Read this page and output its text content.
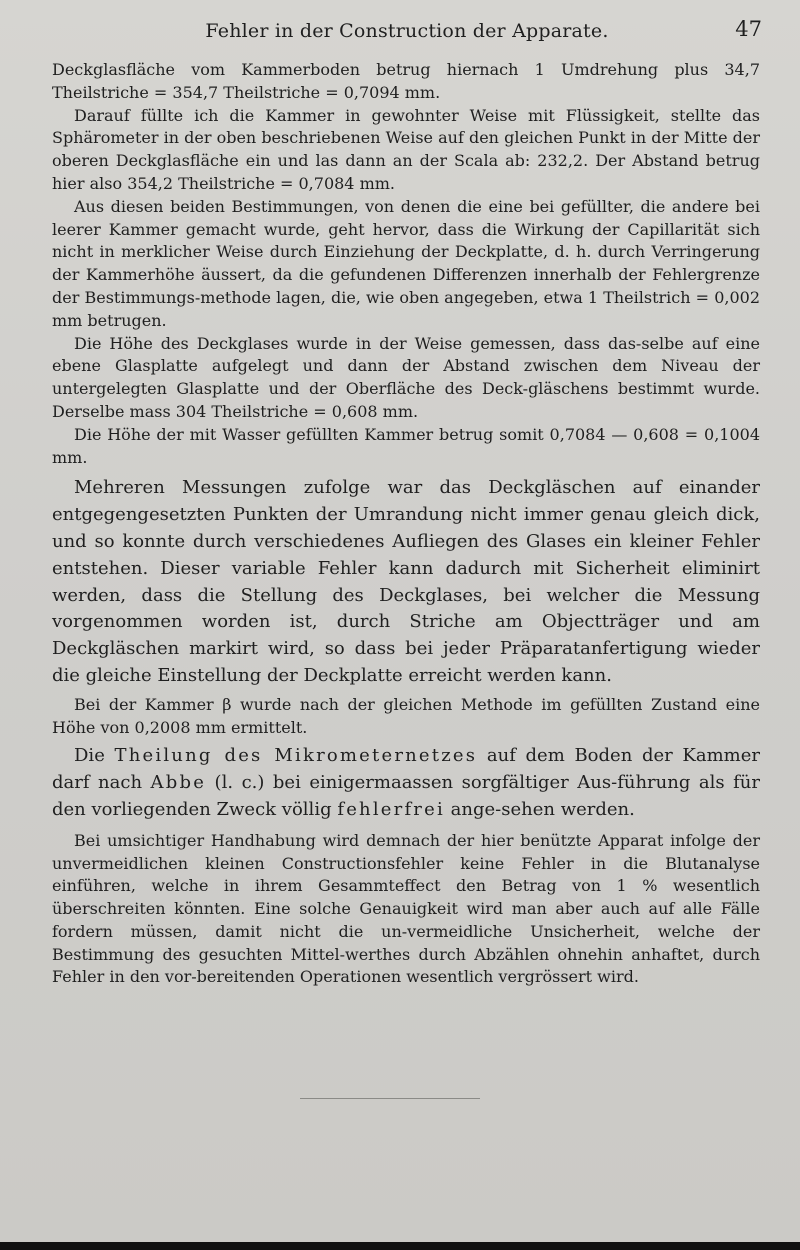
Fehler in der Construction der Apparate.	47

Deckglasfläche vom Kammerboden betrug hiernach 1 Umdrehung plus 34,7 Theilstriche = 354,7 Theilstriche = 0,7094 mm.

Darauf füllte ich die Kammer in gewohnter Weise mit Flüssigkeit, stellte das Sphärometer in der oben beschriebenen Weise auf den gleichen Punkt in der Mitte der oberen Deckglasfläche ein und las dann an der Scala ab: 232,2. Der Abstand betrug hier also 354,2 Theilstriche = 0,7084 mm.

Aus diesen beiden Bestimmungen, von denen die eine bei gefüllter, die andere bei leerer Kammer gemacht wurde, geht hervor, dass die Wirkung der Capillarität sich nicht in merklicher Weise durch Einziehung der Deckplatte, d. h. durch Verringerung der Kammerhöhe äussert, da die gefundenen Differenzen innerhalb der Fehlergrenze der Bestimmungs-methode lagen, die, wie oben angegeben, etwa 1 Theilstrich = 0,002 mm betrugen.

Die Höhe des Deckglases wurde in der Weise gemessen, dass das-selbe auf eine ebene Glasplatte aufgelegt und dann der Abstand zwischen dem Niveau der untergelegten Glasplatte und der Oberfläche des Deck-gläschens bestimmt wurde. Derselbe mass 304 Theilstriche = 0,608 mm.

Die Höhe der mit Wasser gefüllten Kammer betrug somit 0,7084 — 0,608 = 0,1004 mm.

Mehreren Messungen zufolge war das Deckgläschen auf einander entgegengesetzten Punkten der Umrandung nicht immer genau gleich dick, und so konnte durch verschiedenes Aufliegen des Glases ein kleiner Fehler entstehen. Dieser variable Fehler kann dadurch mit Sicherheit eliminirt werden, dass die Stellung des Deckglases, bei welcher die Messung vorgenommen worden ist, durch Striche am Objectträger und am Deckgläschen markirt wird, so dass bei jeder Präparatanfertigung wieder die gleiche Einstellung der Deckplatte erreicht werden kann.

Bei der Kammer β wurde nach der gleichen Methode im gefüllten Zustand eine Höhe von 0,2008 mm ermittelt.

Die Theilung des Mikrometernetzes auf dem Boden der Kammer darf nach Abbe (l. c.) bei einigermaassen sorgfältiger Aus-führung als für den vorliegenden Zweck völlig fehlerfrei ange-sehen werden.

Bei umsichtiger Handhabung wird demnach der hier benützte Apparat infolge der unvermeidlichen kleinen Constructionsfehler keine Fehler in die Blutanalyse einführen, welche in ihrem Gesammteffect den Betrag von 1 % wesentlich überschreiten könnten. Eine solche Genauigkeit wird man aber auch auf alle Fälle fordern müssen, damit nicht die un-vermeidliche Unsicherheit, welche der Bestimmung des gesuchten Mittel-werthes durch Abzählen ohnehin anhaftet, durch Fehler in den vor-bereitenden Operationen wesentlich vergrössert wird.
